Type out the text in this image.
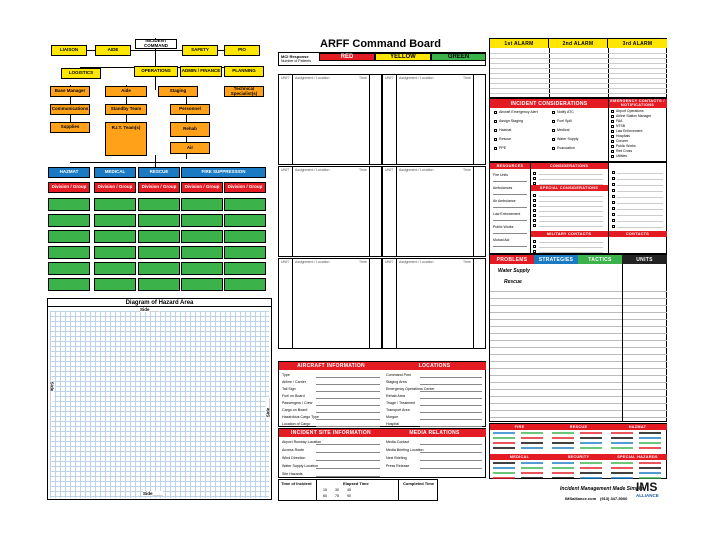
INCIDENT COMMAND
LIAISON	AIDE	SAFETY	PIO
LOGISTICS	OPERATIONS ADMIN / FINANCE	PLANNING
Base Manager
Communications
Supplies
Aide
Standby Team
R.I.T. Team(s)
Staging	Technical Specialist(s)
Personnel
Rehab
Air
HAZMAT	MEDICAL	RESCUE	FIRE SUPPRESSION
Division / Group	Division / Group	Division / Group	Division / Group	Division / Group
Diagram of Hazard Area
Side____
Side____
Side____
Side____
ARFF Command Board
MCI Response
Number of Patients
RED	YELLOW	GREEN
UNIT Assignment / Location	Time	UNIT Assignment / Location	Time
UNIT Assignment / Location	Time	UNIT Assignment / Location	Time
UNIT Assignment / Location	Time	UNIT Assignment / Location	Time
AIRCRAFT INFORMATION	LOCATIONS
Type
Airline / Carrier
Tail Sign
Fuel on Board
Passengers / Crew
Cargo on Board
Hazardous Cargo Type
Location of Cargo
Command Post
Staging Area
Emergency Operations Center
Rehab Area
Triage / Treatment
Transport Area
Morgue
Hospital
INCIDENT SITE INFORMATION	MEDIA RELATIONS
Airport Runway Location
Access Route
Wind Direction
Water Supply Location
Site Hazards
Media Contact
Media Briefing Location
Next Briefing
Press Release
Time of Incident	Elapsed Time
15 30 45
60 75 90
Completed Time
1st ALARM	2nd ALARM	3rd ALARM
INCIDENT CONSIDERATIONS	EMERGENCY CONTACTS / NOTIFICATIONS
Aircraft Emergency Alert	Notify ATC
Assign Staging	Fuel Spill
Hazmat	Medical
Rescue	Water Supply
PPE	Evacuation
Airport Operations
Airline Station Manager
FAA
NTSB
Law Enforcement
Hospitals
Coroner
Public Works
Red Cross
Utilities
RESOURCES	CONSIDERATIONS
SPECIAL CONSIDERATIONS
MILITARY CONTACTS	CONTACTS
Fire Units
Ambulances
Air Ambulance
Law Enforcement
Public Works
Mutual Aid
PROBLEMS	STRATEGIES	TACTICS	UNITS
Water Supply
Rescue
FIRE	RESCUE	HAZMAT
MEDICAL	SECURITY	SPECIAL HAZARDS
Incident Management Made Simple
IMS
ALLIANCE
IMSalliance.com (913) 347-5000
